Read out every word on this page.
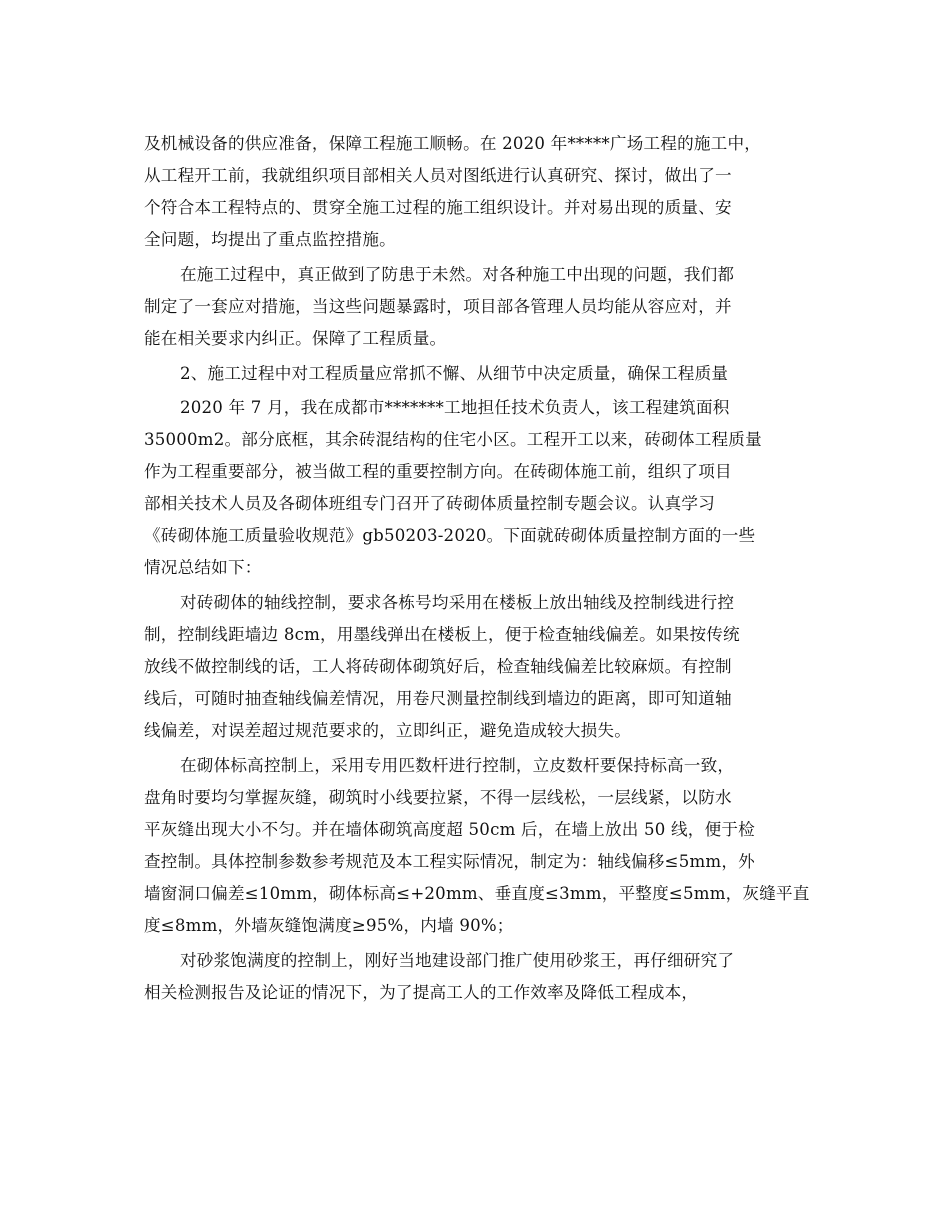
及机械设备的供应准备，保障工程施工顺畅。在 2020 年*****广场工程的施工中，
从工程开工前，我就组织项目部相关人员对图纸进行认真研究、探讨，做出了一
个符合本工程特点的、贯穿全施工过程的施工组织设计。并对易出现的质量、安
全问题，均提出了重点监控措施。
在施工过程中，真正做到了防患于未然。对各种施工中出现的问题，我们都
制定了一套应对措施，当这些问题暴露时，项目部各管理人员均能从容应对，并
能在相关要求内纠正。保障了工程质量。
2、施工过程中对工程质量应常抓不懈、从细节中决定质量，确保工程质量
2020 年 7 月，我在成都市*******工地担任技术负责人，该工程建筑面积
35000m2。部分底框，其余砖混结构的住宅小区。工程开工以来，砖砌体工程质量
作为工程重要部分，被当做工程的重要控制方向。在砖砌体施工前，组织了项目
部相关技术人员及各砌体班组专门召开了砖砌体质量控制专题会议。认真学习
《砖砌体施工质量验收规范》gb50203-2020。下面就砖砌体质量控制方面的一些
情况总结如下：
对砖砌体的轴线控制，要求各栋号均采用在楼板上放出轴线及控制线进行控
制，控制线距墙边 8cm，用墨线弹出在楼板上，便于检查轴线偏差。如果按传统
放线不做控制线的话，工人将砖砌体砌筑好后，检查轴线偏差比较麻烦。有控制
线后，可随时抽查轴线偏差情况，用卷尺测量控制线到墙边的距离，即可知道轴
线偏差，对误差超过规范要求的，立即纠正，避免造成较大损失。
在砌体标高控制上，采用专用匹数杆进行控制，立皮数杆要保持标高一致，
盘角时要均匀掌握灰缝，砌筑时小线要拉紧，不得一层线松，一层线紧，以防水
平灰缝出现大小不匀。并在墙体砌筑高度超 50cm 后，在墙上放出 50 线，便于检
查控制。具体控制参数参考规范及本工程实际情况，制定为：轴线偏移≤5mm，外
墙窗洞口偏差≤10mm，砌体标高≤+20mm、垂直度≤3mm，平整度≤5mm，灰缝平直
度≤8mm，外墙灰缝饱满度≥95%，内墙 90%；
对砂浆饱满度的控制上，刚好当地建设部门推广使用砂浆王，再仔细研究了
相关检测报告及论证的情况下，为了提高工人的工作效率及降低工程成本，
